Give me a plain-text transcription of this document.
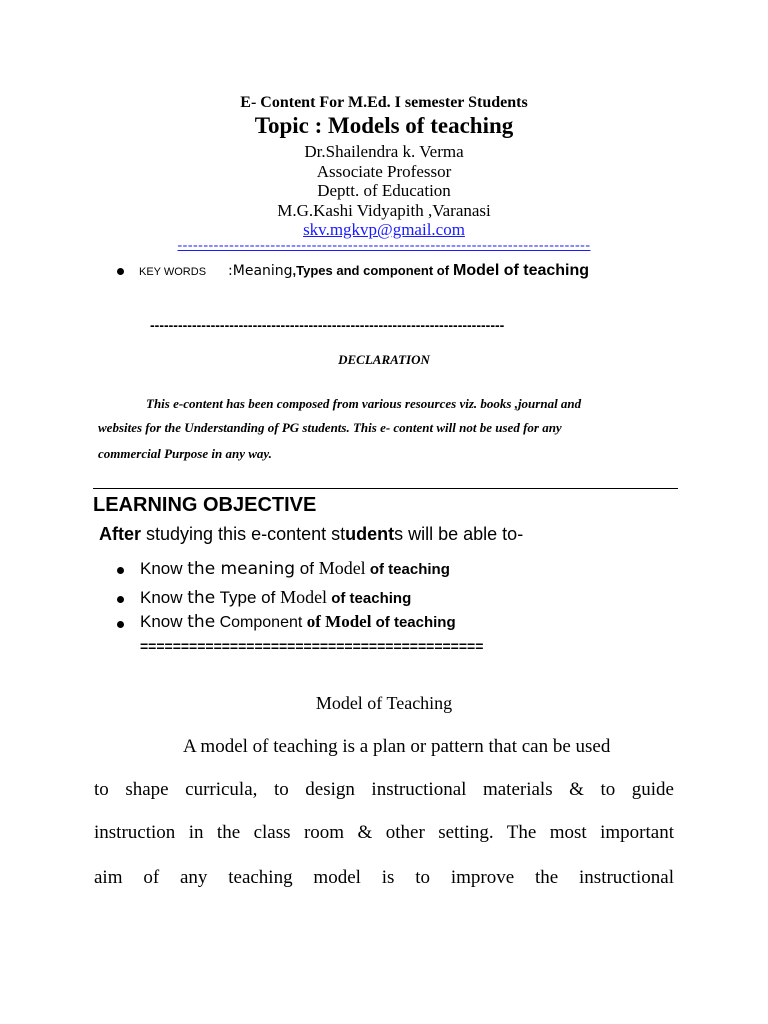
E- Content For M.Ed. I semester Students
Topic : Models of teaching
Dr.Shailendra k. Verma
Associate Professor
Deptt. of Education
M.G.Kashi Vidyapith ,Varanasi
skv.mgkvp@gmail.com
--------------------------------------------------------------------------------
KEY WORDS :Meaning,Types and component of Model of teaching
----------------------------------------------------------------------------
DECLARATION
This e-content has been composed from various resources viz. books ,journal and
websites for the Understanding of PG students. This e- content will not be used for any
commercial Purpose in any way.
LEARNING OBJECTIVE
After studying this e-content students will be able to-
Know the meaning of Model of teaching
Know the Type of Model of teaching
Know the Component of Model of teaching
==========================================
Model of Teaching
A model of teaching is a plan or pattern that can be used
to shape curricula, to design instructional materials & to guide
instruction in the class room & other setting. The most important
aim of any teaching model is to improve the instructional
